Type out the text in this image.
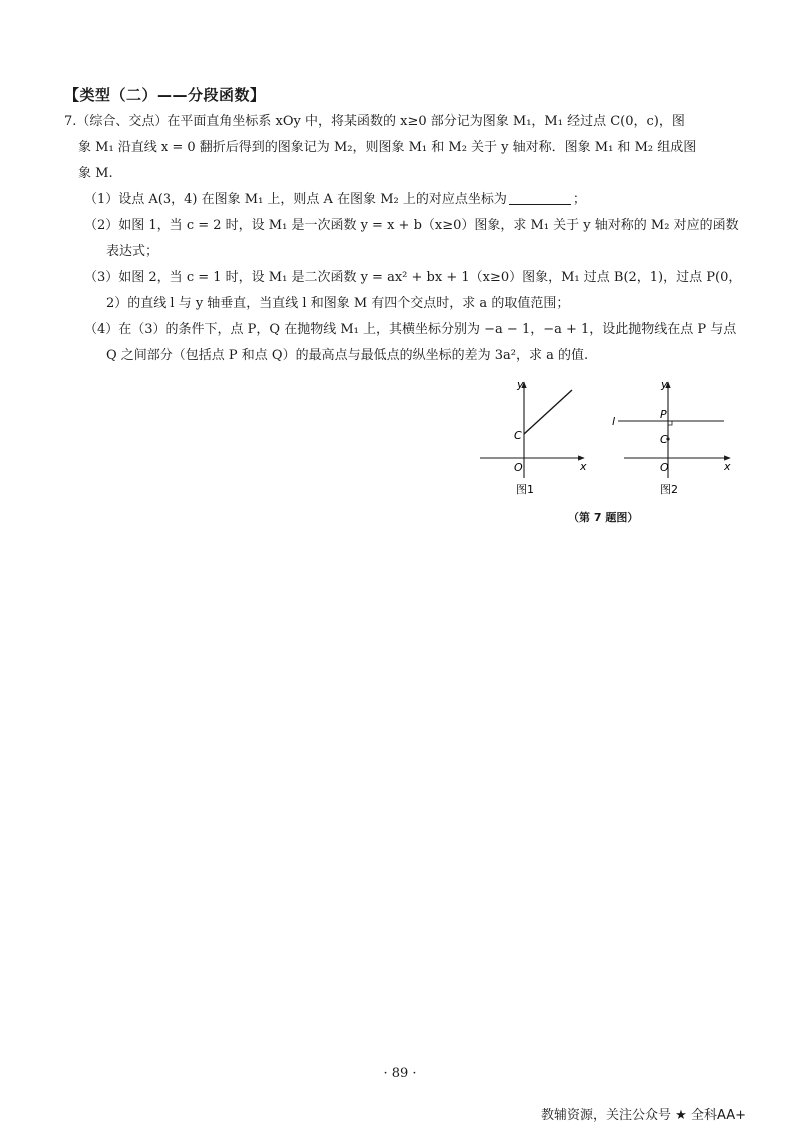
【类型（二）——分段函数】

7.（综合、交点）在平面直角坐标系 xOy 中，将某函数的 x≥0 部分记为图象 M₁，M₁ 经过点 C(0，c)，图

象 M₁ 沿直线 x = 0 翻折后得到的图象记为 M₂，则图象 M₁ 和 M₂ 关于 y 轴对称．图象 M₁ 和 M₂ 组成图

象 M.

（1）设点 A(3，4) 在图象 M₁ 上，则点 A 在图象 M₂ 上的对应点坐标为	；

（2）如图 1，当 c = 2 时，设 M₁ 是一次函数 y = x + b（x≥0）图象，求 M₁ 关于 y 轴对称的 M₂ 对应的函数表达式；

（3）如图 2，当 c = 1 时，设 M₁ 是二次函数 y = ax² + bx + 1（x≥0）图象，M₁ 过点 B(2，1)，过点 P(0，2）的直线 l 与 y 轴垂直，当直线 l 和图象 M 有四个交点时，求 a 的取值范围；

（4）在（3）的条件下，点 P，Q 在抛物线 M₁ 上，其横坐标分别为 −a − 1，−a + 1，设此抛物线在点 P 与点 Q 之间部分（包括点 P 和点 Q）的最高点与最低点的纵坐标的差为 3a²，求 a 的值.

y
x
O
C
图1
y
x
O
C
P
l
图2
（第 7 题图）
· 89 ·
教辅资源，关注公众号 ★ 全科AA+
